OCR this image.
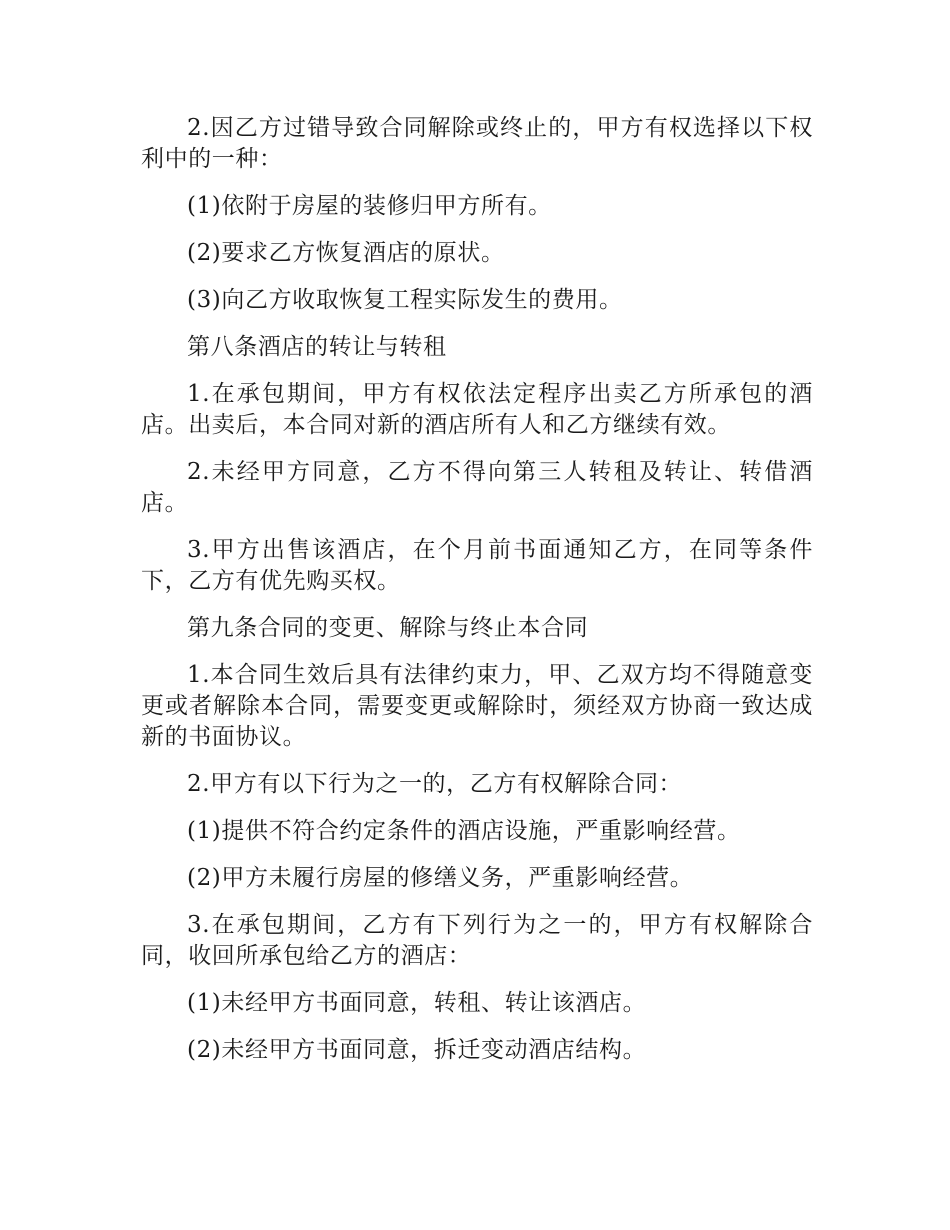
2.因乙方过错导致合同解除或终止的，甲方有权选择以下权利中的一种：

(1)依附于房屋的装修归甲方所有。

(2)要求乙方恢复酒店的原状。

(3)向乙方收取恢复工程实际发生的费用。

第八条酒店的转让与转租

1.在承包期间，甲方有权依法定程序出卖乙方所承包的酒店。出卖后，本合同对新的酒店所有人和乙方继续有效。

2.未经甲方同意，乙方不得向第三人转租及转让、转借酒店。

3.甲方出售该酒店，在个月前书面通知乙方，在同等条件下，乙方有优先购买权。

第九条合同的变更、解除与终止本合同

1.本合同生效后具有法律约束力，甲、乙双方均不得随意变更或者解除本合同，需要变更或解除时，须经双方协商一致达成新的书面协议。

2.甲方有以下行为之一的，乙方有权解除合同：

(1)提供不符合约定条件的酒店设施，严重影响经营。

(2)甲方未履行房屋的修缮义务，严重影响经营。

3.在承包期间，乙方有下列行为之一的，甲方有权解除合同，收回所承包给乙方的酒店：

(1)未经甲方书面同意，转租、转让该酒店。

(2)未经甲方书面同意，拆迁变动酒店结构。
